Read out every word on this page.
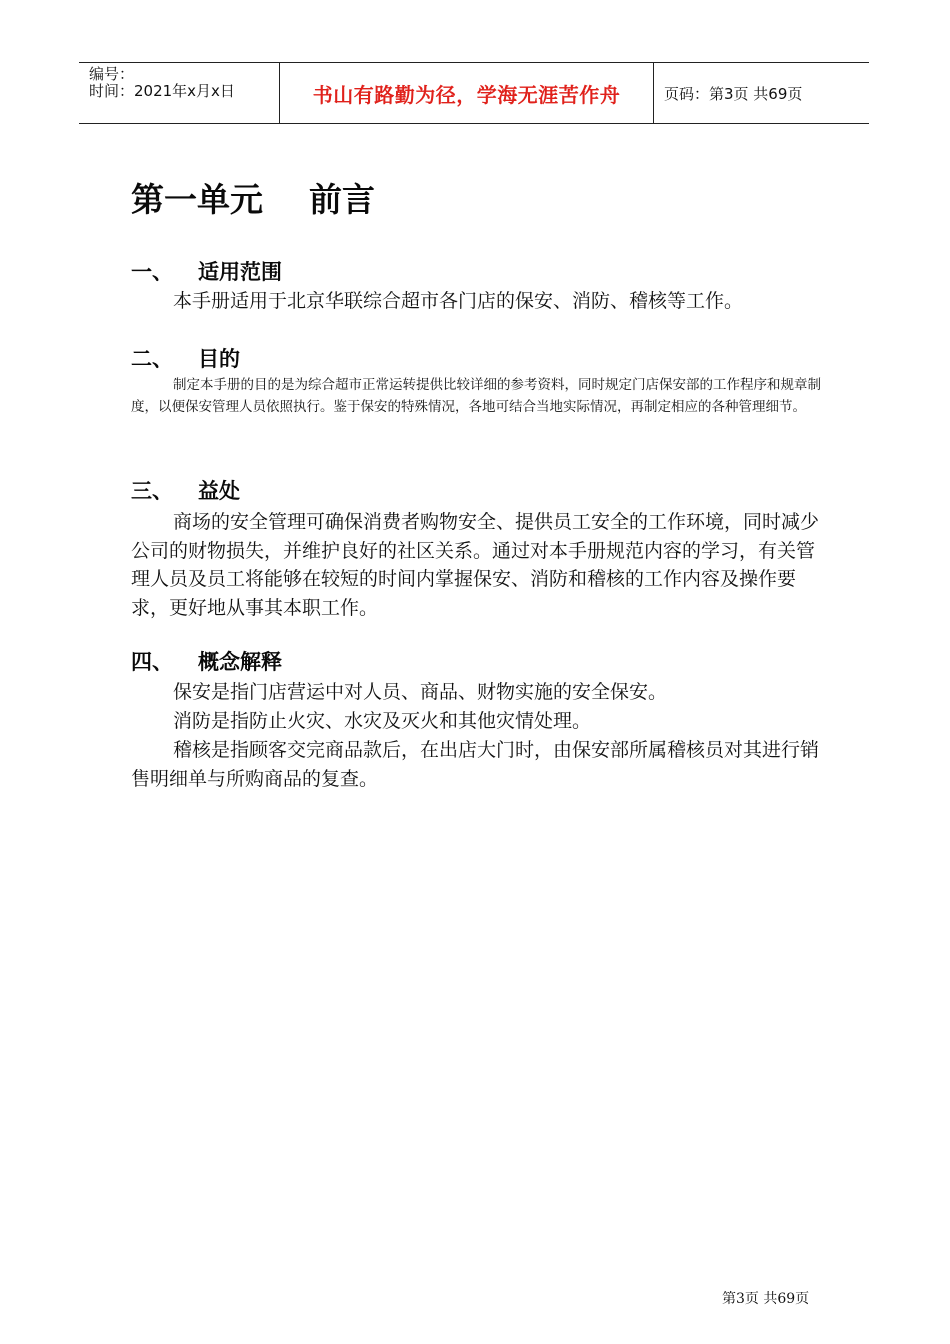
编号：
时间：2021年x月x日	书山有路勤为径，学海无涯苦作舟	页码：第3页 共69页
第一单元    前言
一、	适用范围

本手册适用于北京华联综合超市各门店的保安、消防、稽核等工作。

二、	目的

制定本手册的目的是为综合超市正常运转提供比较详细的参考资料，同时规定门店保安部的工作程序和规章制度，以便保安管理人员依照执行。鉴于保安的特殊情况，各地可结合当地实际情况，再制定相应的各种管理细节。

三、	益处

商场的安全管理可确保消费者购物安全、提供员工安全的工作环境，同时减少公司的财物损失，并维护良好的社区关系。通过对本手册规范内容的学习，有关管理人员及员工将能够在较短的时间内掌握保安、消防和稽核的工作内容及操作要求，更好地从事其本职工作。

四、	概念解释

保安是指门店营运中对人员、商品、财物实施的安全保安。

消防是指防止火灾、水灾及灭火和其他灾情处理。

稽核是指顾客交完商品款后，在出店大门时，由保安部所属稽核员对其进行销售明细单与所购商品的复查。

第3页 共69页
